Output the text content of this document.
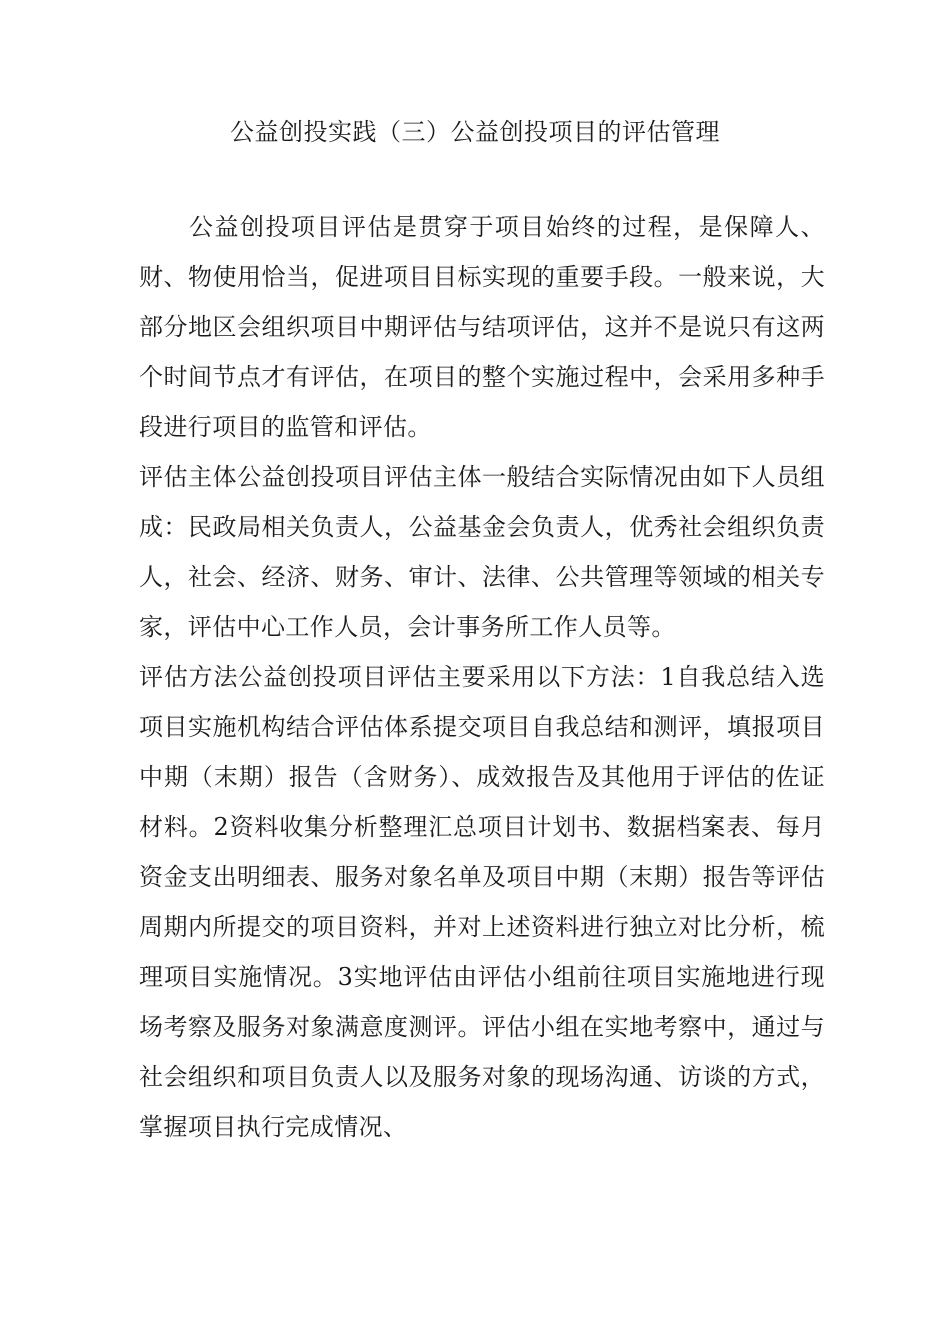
公益创投实践（三）公益创投项目的评估管理

公益创投项目评估是贯穿于项目始终的过程，是保障人、财、物使用恰当，促进项目目标实现的重要手段。一般来说，大部分地区会组织项目中期评估与结项评估，这并不是说只有这两个时间节点才有评估，在项目的整个实施过程中，会采用多种手段进行项目的监管和评估。

评估主体公益创投项目评估主体一般结合实际情况由如下人员组成：民政局相关负责人，公益基金会负责人，优秀社会组织负责人，社会、经济、财务、审计、法律、公共管理等领域的相关专家，评估中心工作人员，会计事务所工作人员等。

评估方法公益创投项目评估主要采用以下方法：1自我总结入选项目实施机构结合评估体系提交项目自我总结和测评，填报项目中期（末期）报告（含财务）、成效报告及其他用于评估的佐证材料。2资料收集分析整理汇总项目计划书、数据档案表、每月资金支出明细表、服务对象名单及项目中期（末期）报告等评估周期内所提交的项目资料，并对上述资料进行独立对比分析，梳理项目实施情况。3实地评估由评估小组前往项目实施地进行现场考察及服务对象满意度测评。评估小组在实地考察中，通过与社会组织和项目负责人以及服务对象的现场沟通、访谈的方式，掌握项目执行完成情况、
